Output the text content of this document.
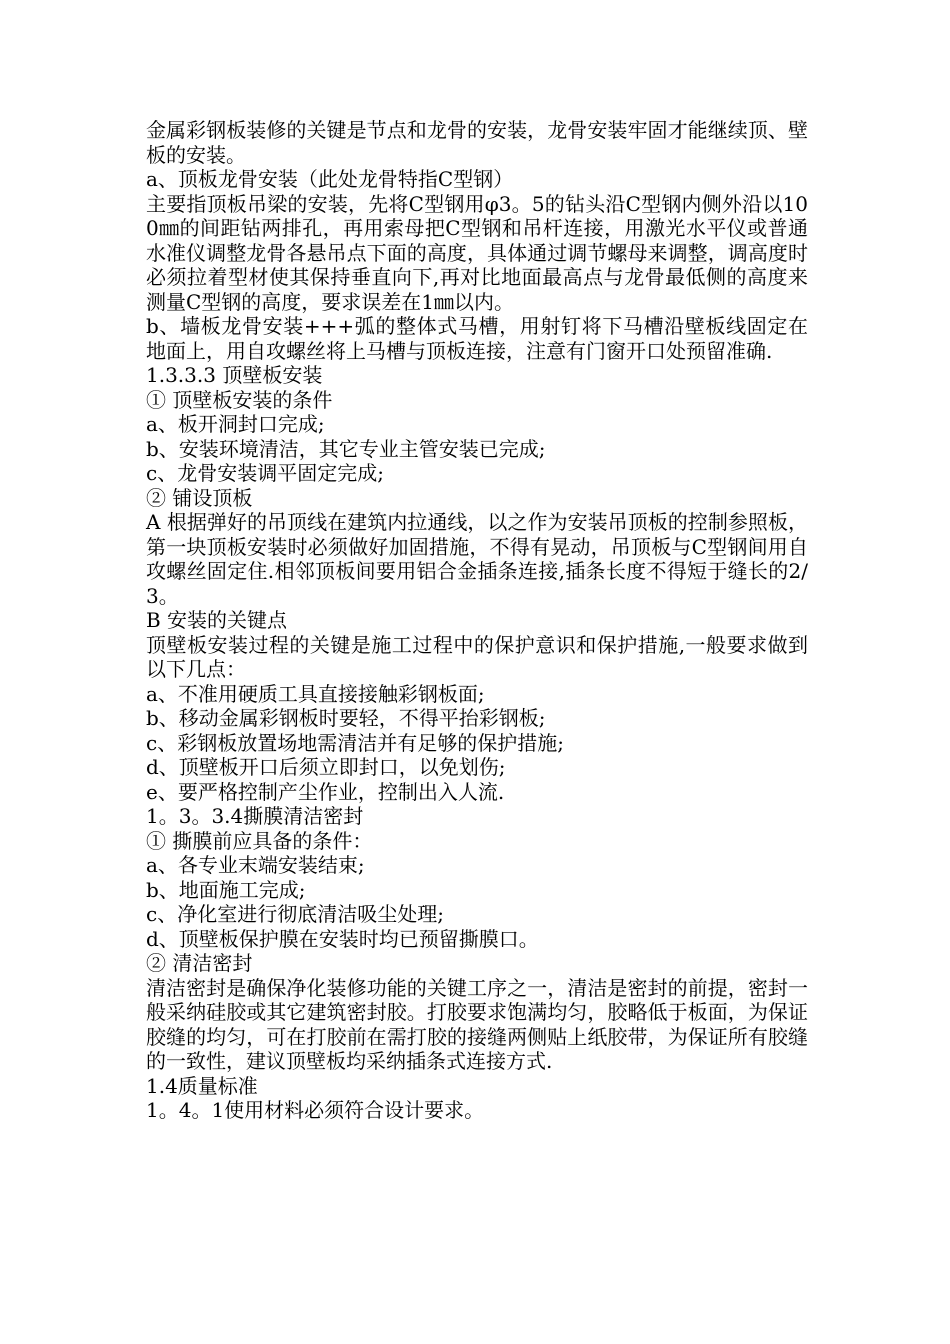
金属彩钢板装修的关键是节点和龙骨的安装，龙骨安装牢固才能继续顶、壁板的安装。

a、顶板龙骨安装（此处龙骨特指C型钢）

主要指顶板吊梁的安装，先将C型钢用φ3。5的钻头沿C型钢内侧外沿以100㎜的间距钻两排孔，再用索母把C型钢和吊杆连接，用激光水平仪或普通水准仪调整龙骨各悬吊点下面的高度，具体通过调节螺母来调整，调高度时必须拉着型材使其保持垂直向下,再对比地面最高点与龙骨最低侧的高度来测量C型钢的高度，要求误差在1㎜以内。

b、墙板龙骨安装+++弧的整体式马槽，用射钉将下马槽沿壁板线固定在地面上，用自攻螺丝将上马槽与顶板连接，注意有门窗开口处预留准确.

1.3.3.3 顶壁板安装

① 顶壁板安装的条件

a、板开洞封口完成;

b、安装环境清洁，其它专业主管安装已完成;

c、龙骨安装调平固定完成;

② 铺设顶板

A 根据弹好的吊顶线在建筑内拉通线，以之作为安装吊顶板的控制参照板，第一块顶板安装时必须做好加固措施，不得有晃动，吊顶板与C型钢间用自攻螺丝固定住.相邻顶板间要用铝合金插条连接,插条长度不得短于缝长的2/3。

B 安装的关键点

顶壁板安装过程的关键是施工过程中的保护意识和保护措施,一般要求做到以下几点：

a、不准用硬质工具直接接触彩钢板面;

b、移动金属彩钢板时要轻，不得平抬彩钢板;

c、彩钢板放置场地需清洁并有足够的保护措施;

d、顶壁板开口后须立即封口，以免划伤;

e、要严格控制产尘作业，控制出入人流.

1。3。3.4撕膜清洁密封

① 撕膜前应具备的条件：

a、各专业末端安装结束;

b、地面施工完成;

c、净化室进行彻底清洁吸尘处理;

d、顶壁板保护膜在安装时均已预留撕膜口。

② 清洁密封

清洁密封是确保净化装修功能的关键工序之一，清洁是密封的前提，密封一般采纳硅胶或其它建筑密封胶。打胶要求饱满均匀，胶略低于板面，为保证胶缝的均匀，可在打胶前在需打胶的接缝两侧贴上纸胶带，为保证所有胶缝的一致性，建议顶壁板均采纳插条式连接方式.

1.4质量标准

1。4。1使用材料必须符合设计要求。
